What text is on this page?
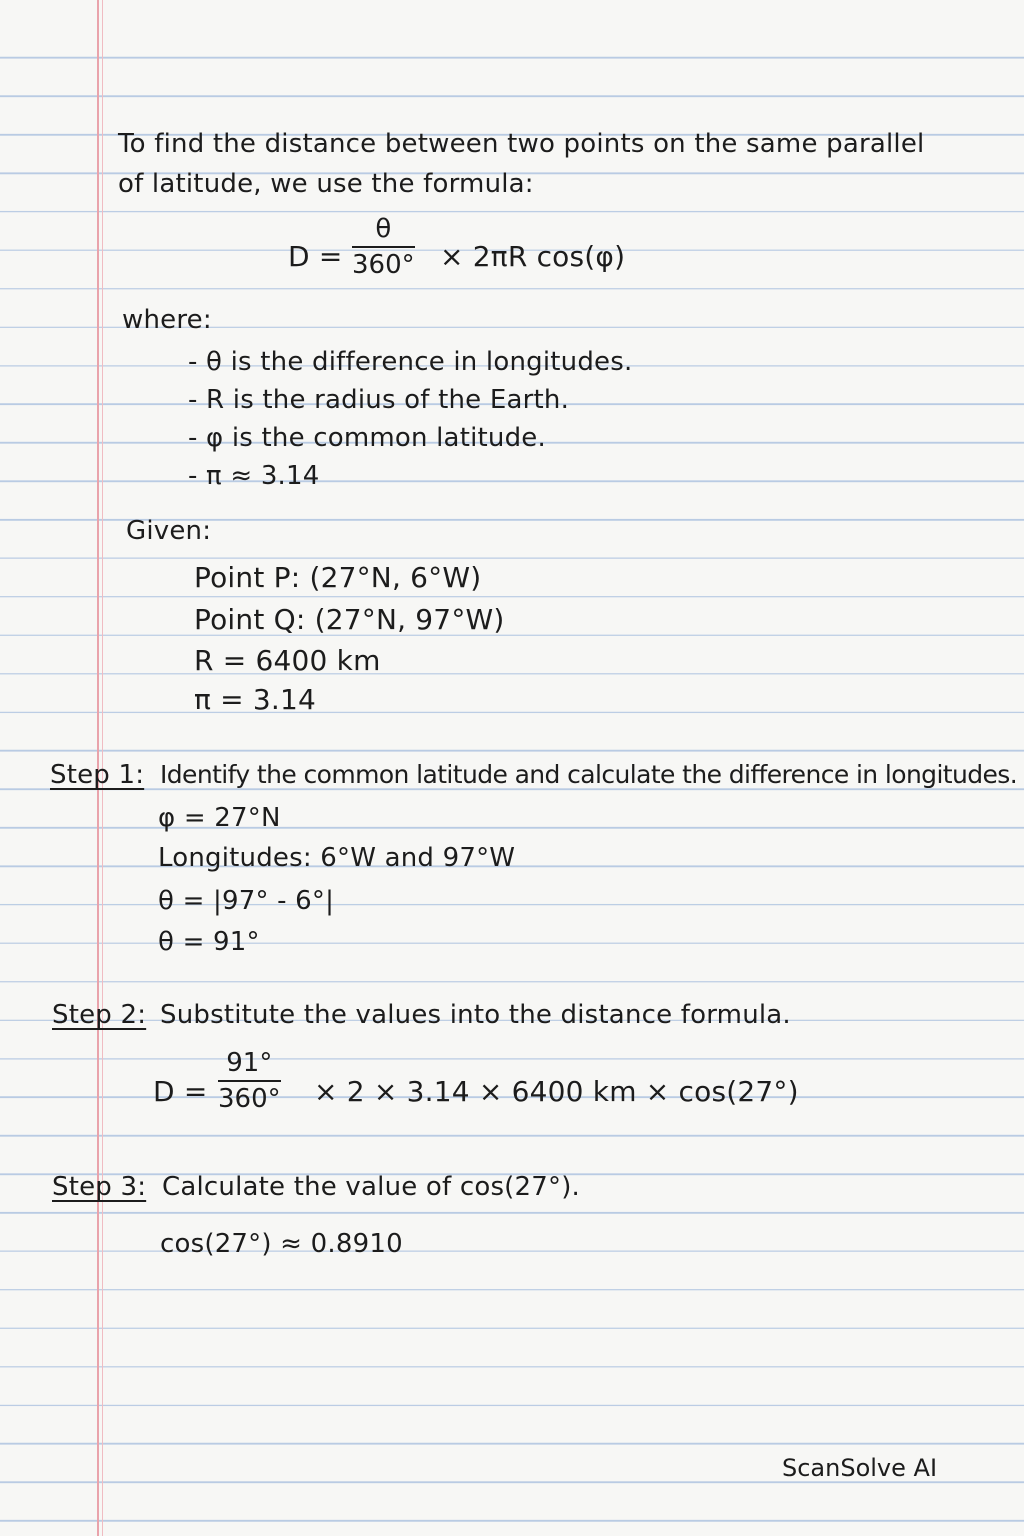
To find the distance between two points on the same parallel
of latitude, we use the formula:
D =
θ
360° × 2πR cos(φ)
where:
- θ is the difference in longitudes.
- R is the radius of the Earth.
- φ is the common latitude.
- π ≈ 3.14
Given:
Point P: (27°N, 6°W)
Point Q: (27°N, 97°W)
R = 6400 km
π = 3.14
Step 1: Identify the common latitude and calculate the difference in longitudes.
φ = 27°N
Longitudes: 6°W and 97°W
θ = |97° - 6°|
θ = 91°
Step 2: Substitute the values into the distance formula.
D =
91°
360° × 2 × 3.14 × 6400 km × cos(27°)
Step 3: Calculate the value of cos(27°).
cos(27°) ≈ 0.8910
ScanSolve AI
